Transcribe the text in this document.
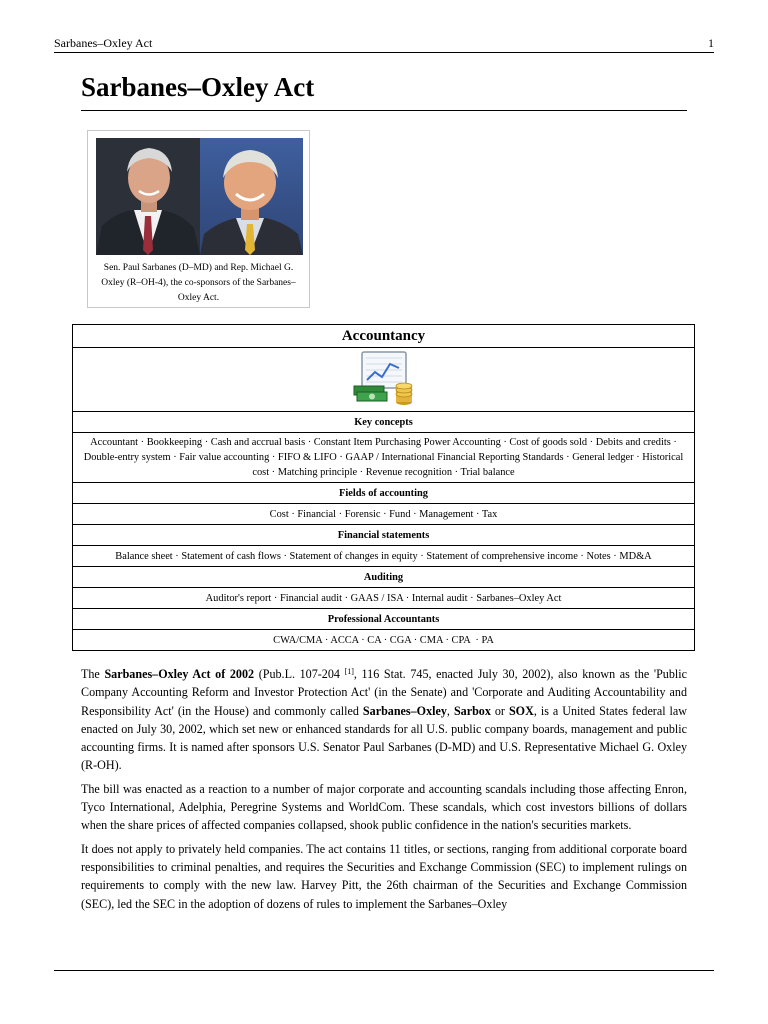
Sarbanes–Oxley Act	1
Sarbanes–Oxley Act
Sen. Paul Sarbanes (D–MD) and Rep. Michael G. Oxley (R–OH-4), the co-sponsors of the Sarbanes–Oxley Act.
Accountancy

Key concepts
Accountant · Bookkeeping · Cash and accrual basis · Constant Item Purchasing Power Accounting · Cost of goods sold · Debits and credits · Double-entry system · Fair value accounting · FIFO & LIFO · GAAP / International Financial Reporting Standards · General ledger · Historical cost · Matching principle · Revenue recognition · Trial balance
Fields of accounting
Cost · Financial · Forensic · Fund · Management · Tax
Financial statements
Balance sheet · Statement of cash flows · Statement of changes in equity · Statement of comprehensive income · Notes · MD&A
Auditing
Auditor's report · Financial audit · GAAS / ISA · Internal audit · Sarbanes–Oxley Act
Professional Accountants
CWA/CMA · ACCA · CA · CGA · CMA · CPA  · PA

The Sarbanes–Oxley Act of 2002 (Pub.L. 107-204 [1], 116 Stat. 745, enacted July 30, 2002), also known as the 'Public Company Accounting Reform and Investor Protection Act' (in the Senate) and 'Corporate and Auditing Accountability and Responsibility Act' (in the House) and commonly called Sarbanes–Oxley, Sarbox or SOX, is a United States federal law enacted on July 30, 2002, which set new or enhanced standards for all U.S. public company boards, management and public accounting firms. It is named after sponsors U.S. Senator Paul Sarbanes (D-MD) and U.S. Representative Michael G. Oxley (R-OH).

The bill was enacted as a reaction to a number of major corporate and accounting scandals including those affecting Enron, Tyco International, Adelphia, Peregrine Systems and WorldCom. These scandals, which cost investors billions of dollars when the share prices of affected companies collapsed, shook public confidence in the nation's securities markets.

It does not apply to privately held companies. The act contains 11 titles, or sections, ranging from additional corporate board responsibilities to criminal penalties, and requires the Securities and Exchange Commission (SEC) to implement rulings on requirements to comply with the new law. Harvey Pitt, the 26th chairman of the Securities and Exchange Commission (SEC), led the SEC in the adoption of dozens of rules to implement the Sarbanes–Oxley
